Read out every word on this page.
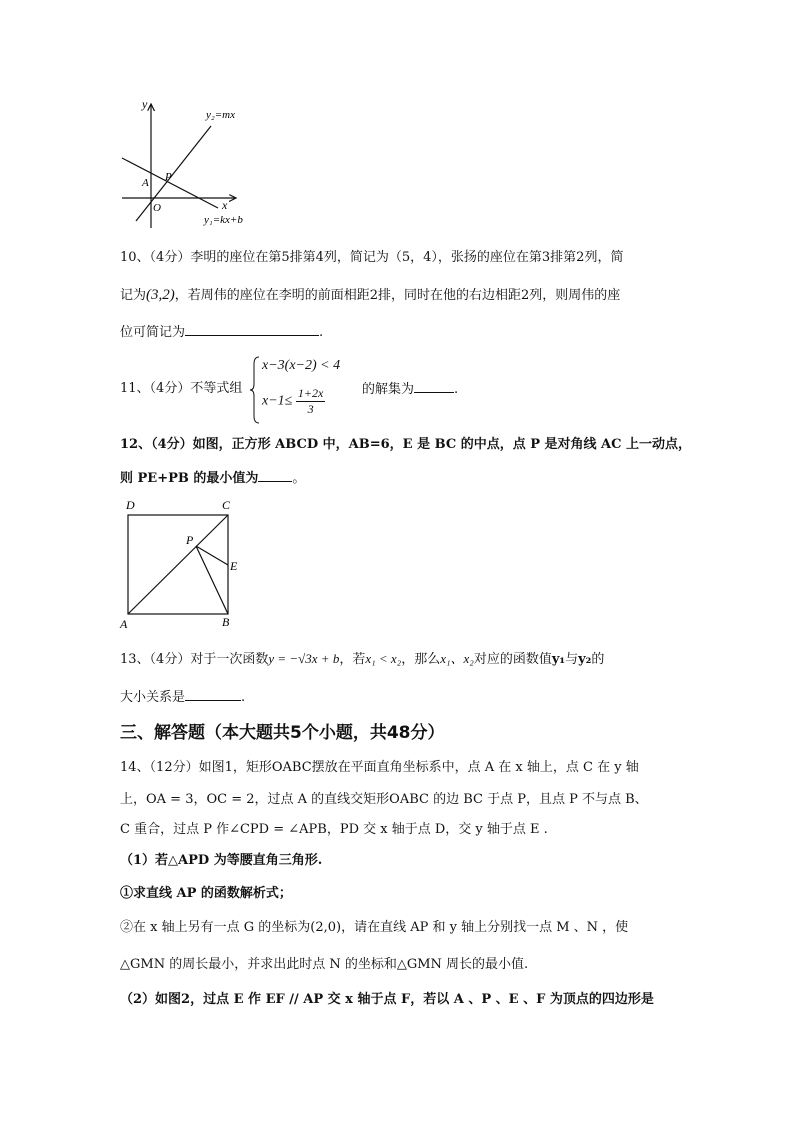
y
x
y₂=mx
y₁=kx+b
P
A
O
10、（4分）李明的座位在第5排第4列，简记为（5，4），张扬的座位在第3排第2列，简
记为(3,2)，若周伟的座位在李明的前面相距2排，同时在他的右边相距2列，则周伟的座
位可简记为	.
11、（4分）不等式组
x−3(x−2) < 4
$x-1\le \frac{1+2x}{3}$	的解集为	.
12、（4分）如图，正方形 ABCD 中，AB=6，E 是 BC 的中点，点 P 是对角线 AC 上一动点，
则 PE+PB 的最小值为	。
D	C
P
E
A	B
13、（4分）对于一次函数y = −√3x + b，若x₁ < x₂，那么x₁、x₂对应的函数值y₁与y₂的
大小关系是	.
三、解答题（本大题共5个小题，共48分）
14、（12分）如图1，矩形OABC摆放在平面直角坐标系中，点 A 在 x 轴上，点 C 在 y 轴
上，OA = 3，OC = 2，过点 A 的直线交矩形OABC 的边 BC 于点 P，且点 P 不与点 B、
C 重合，过点 P 作∠CPD = ∠APB，PD 交 x 轴于点 D，交 y 轴于点 E .
（1）若△APD 为等腰直角三角形.
①求直线 AP 的函数解析式；
②在 x 轴上另有一点 G 的坐标为(2,0)，请在直线 AP 和 y 轴上分别找一点 M 、N ，使
△GMN 的周长最小，并求出此时点 N 的坐标和△GMN 周长的最小值.
（2）如图2，过点 E 作 EF // AP 交 x 轴于点 F，若以 A 、P 、E 、F 为顶点的四边形是
